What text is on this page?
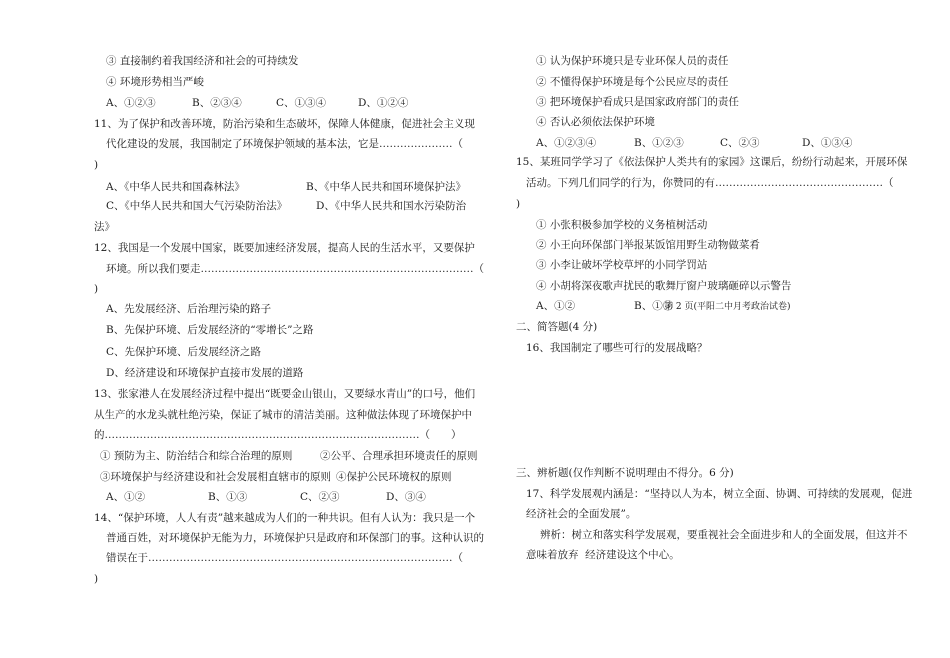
③ 直接制约着我国经济和社会的可持续发
④ 环境形势相当严峻
A、①②③	B、②③④	C、①③④	D、①②④
11、为了保护和改善环境，防治污染和生态破坏，保障人体健康，促进社会主义现
代化建设的发展，我国制定了环境保护领域的基本法，它是…………………（
)
A、《中华人民共和国森林法》	B、《中华人民共和国环境保护法》
C、《中华人民共和国大气污染防治法》	D、《中华人民共和国水污染防治
法》
12、我国是一个发展中国家，既要加速经济发展，提高人民的生活水平，又要保护
环境。所以我们要走……………………………………………………………………（
)
A、先发展经济、后治理污染的路子
B、先保护环境、后发展经济的“零增长”之路
C、先保护环境、后发展经济之路
D、经济建设和环境保护直接市发展的道路
13、张家港人在发展经济过程中提出“既要金山银山，又要绿水青山”的口号，他们
从生产的水龙头就杜绝污染，保证了城市的清洁美丽。这种做法体现了环境保护中
的………………………………………………………………………………（　　）
① 预防为主、防治结合和综合治理的原则	②公平、合理承担环境责任的原则
③环境保护与经济建设和社会发展相直辖市的原则 ④保护公民环境权的原则
A、①②	B、①③	C、②③	D、③④
14、“保护环境，人人有责”越来越成为人们的一种共识。但有人认为：我只是一个
普通百姓，对环境保护无能为力，环境保护只是政府和环保部门的事。这种认识的
错误在于……………………………………………………………………………（
)
① 认为保护环境只是专业环保人员的责任
② 不懂得保护环境是每个公民应尽的责任
③ 把环境保护看成只是国家政府部门的责任
④ 否认必须依法保护环境
A、①②③④	B、①②③	C、②③	D、①③④
15、某班同学学习了《依法保护人类共有的家园》这课后，纷纷行动起来，开展环保
活动。下列几们同学的行为，你赞同的有…………………………………………（
)
① 小张积极参加学校的义务植树活动
② 小王向环保部门举报某饭馆用野生动物做菜肴
③ 小李让破坏学校草坪的小同学罚站
④ 小胡将深夜歌声扰民的歌舞厅窗户玻璃砸碎以示警告
A、①②	B、①③
第 2 页(平阳二中月考政治试卷)
二、简答题(4 分)
16、我国制定了哪些可行的发展战略？
三、辨析题(仅作判断不说明理由不得分。6 分)
17、科学发展观内涵是：“坚持以人为本，树立全面、协调、可持续的发展观，促进
经济社会的全面发展”。
辨析：树立和落实科学发展观，要重视社会全面进步和人的全面发展，但这并不
意味着放弃  经济建设这个中心。
